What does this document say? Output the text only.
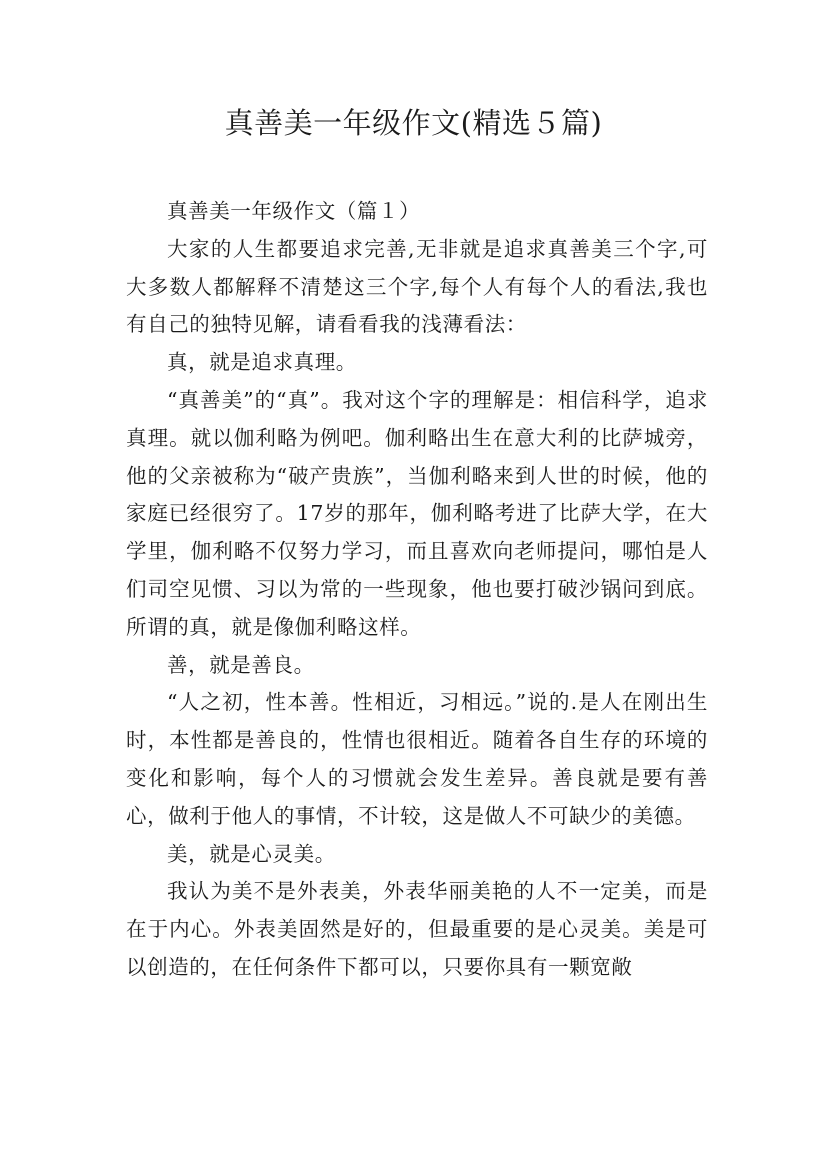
真善美一年级作文(精选５篇)

真善美一年级作文（篇１）

大家的人生都要追求完善,无非就是追求真善美三个字,可大多数人都解释不清楚这三个字,每个人有每个人的看法,我也有自己的独特见解，请看看我的浅薄看法：

真，就是追求真理。

“真善美”的“真”。我对这个字的理解是：相信科学，追求真理。就以伽利略为例吧。伽利略出生在意大利的比萨城旁，他的父亲被称为“破产贵族”，当伽利略来到人世的时候，他的家庭已经很穷了。17岁的那年，伽利略考进了比萨大学，在大学里，伽利略不仅努力学习，而且喜欢向老师提问，哪怕是人们司空见惯、习以为常的一些现象，他也要打破沙锅问到底。所谓的真，就是像伽利略这样。

善，就是善良。

“人之初，性本善。性相近，习相远。”说的.是人在刚出生时，本性都是善良的，性情也很相近。随着各自生存的环境的变化和影响，每个人的习惯就会发生差异。善良就是要有善心，做利于他人的事情，不计较，这是做人不可缺少的美德。

美，就是心灵美。

我认为美不是外表美，外表华丽美艳的人不一定美，而是在于内心。外表美固然是好的，但最重要的是心灵美。美是可以创造的，在任何条件下都可以，只要你具有一颗宽敞
